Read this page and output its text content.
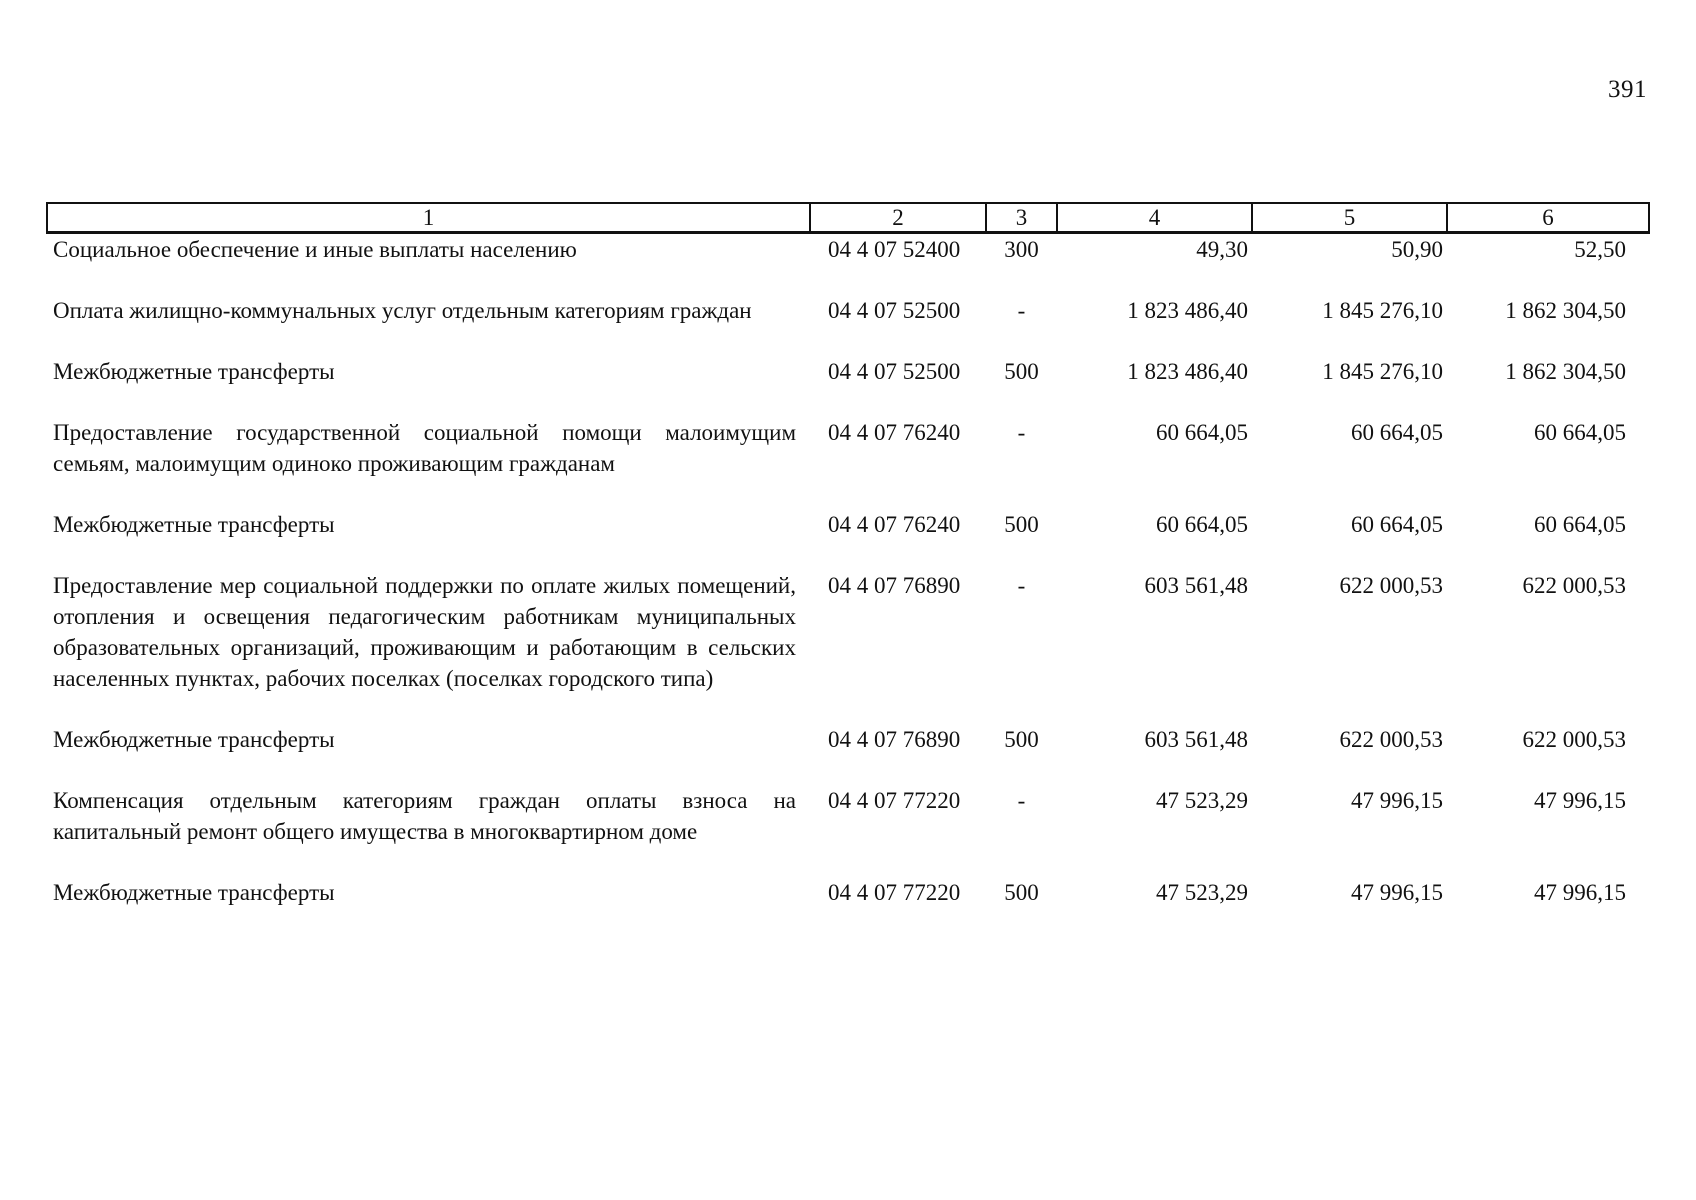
391
1	2	3	4	5	6
Социальное обеспечение и иные выплаты населению	04 4 07 52400	300	49,30	50,90	52,50
Оплата жилищно-коммунальных услуг отдельным категориям граждан	04 4 07 52500	-	1 823 486,40	1 845 276,10	1 862 304,50
Межбюджетные трансферты	04 4 07 52500	500	1 823 486,40	1 845 276,10	1 862 304,50
Предоставление государственной социальной помощи малоимущим семьям, малоимущим одиноко проживающим гражданам	04 4 07 76240	-	60 664,05	60 664,05	60 664,05
Межбюджетные трансферты	04 4 07 76240	500	60 664,05	60 664,05	60 664,05
Предоставление мер социальной поддержки по оплате жилых помещений, отопления и освещения педагогическим работникам муниципальных образовательных организаций, проживающим и работающим в сельских населенных пунктах, рабочих поселках (поселках городского типа)	04 4 07 76890	-	603 561,48	622 000,53	622 000,53
Межбюджетные трансферты	04 4 07 76890	500	603 561,48	622 000,53	622 000,53
Компенсация отдельным категориям граждан оплаты взноса на капитальный ремонт общего имущества в многоквартирном доме	04 4 07 77220	-	47 523,29	47 996,15	47 996,15
Межбюджетные трансферты	04 4 07 77220	500	47 523,29	47 996,15	47 996,15
